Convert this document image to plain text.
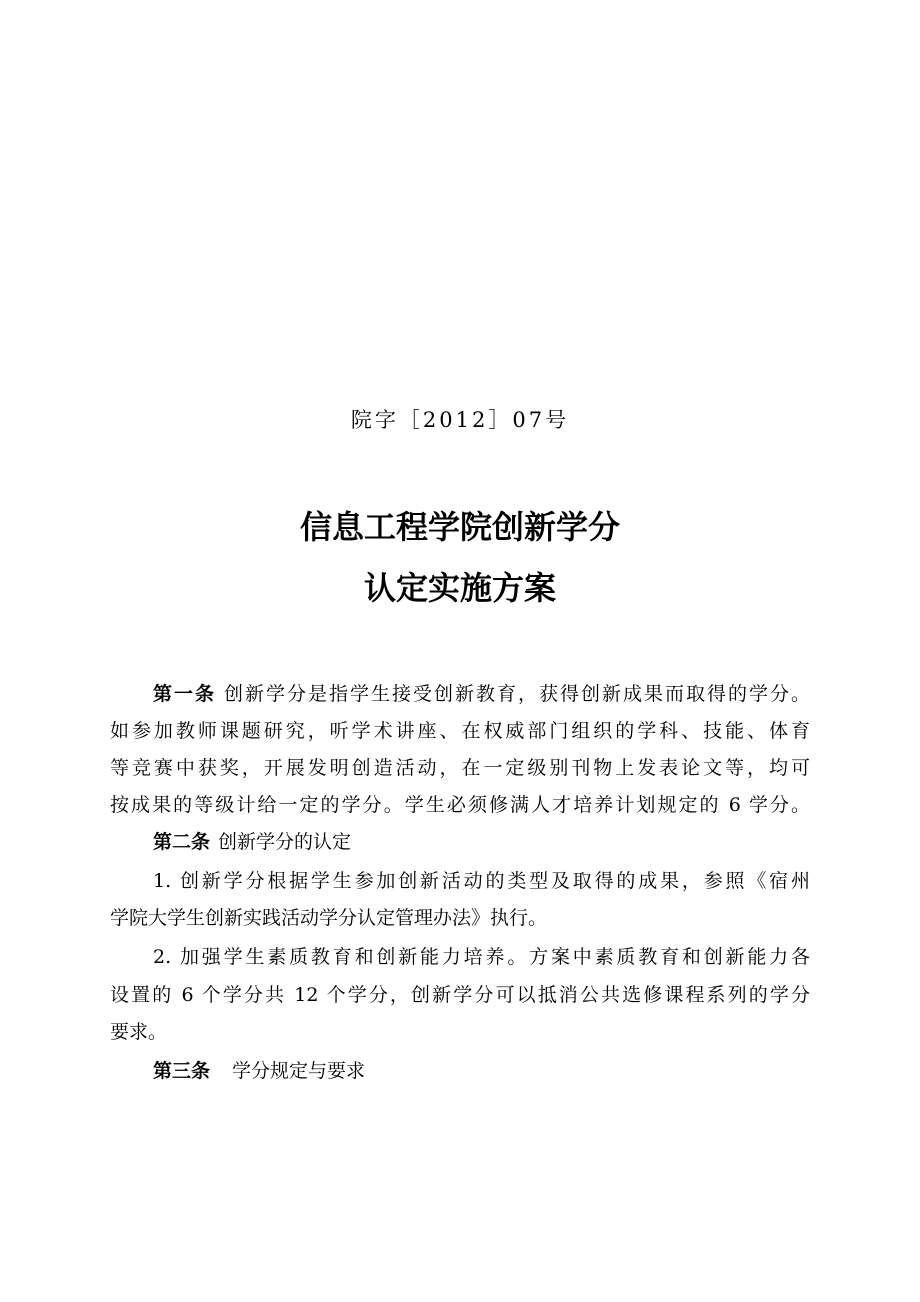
院字［2012］07号

信息工程学院创新学分
认定实施方案
第一条 创新学分是指学生接受创新教育，获得创新成果而取得的学分。
如参加教师课题研究，听学术讲座、在权威部门组织的学科、技能、体育
等竞赛中获奖，开展发明创造活动，在一定级别刊物上发表论文等，均可
按成果的等级计给一定的学分。学生必须修满人才培养计划规定的 6 学分。
第二条 创新学分的认定
1. 创新学分根据学生参加创新活动的类型及取得的成果，参照《宿州
学院大学生创新实践活动学分认定管理办法》执行。
2. 加强学生素质教育和创新能力培养。方案中素质教育和创新能力各
设置的 6 个学分共 12 个学分，创新学分可以抵消公共选修课程系列的学分
要求。
第三条 学分规定与要求
